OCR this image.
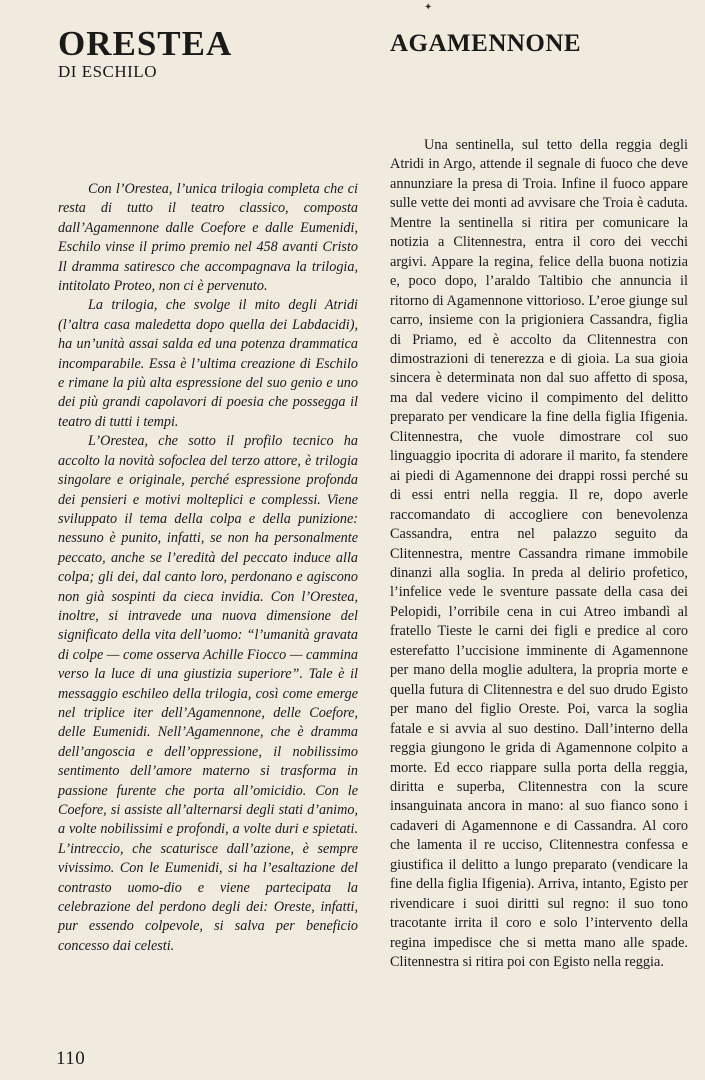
✦
ORESTEA
DI ESCHILO

Con l’Orestea, l’unica trilogia completa che ci resta di tutto il teatro classico, composta dall’Agamennone dalle Coefore e dalle Eumenidi, Eschilo vinse il primo premio nel 458 avanti Cristo Il dramma satiresco che accompagnava la trilogia, intitolato Proteo, non ci è pervenuto.

La trilogia, che svolge il mito degli Atridi (l’altra casa maledetta dopo quella dei Labdacidi), ha un’unità assai salda ed una potenza drammatica incomparabile. Essa è l’ultima creazione di Eschilo e rimane la più alta espressione del suo genio e uno dei più grandi capolavori di poesia che possegga il teatro di tutti i tempi.

L’Orestea, che sotto il profilo tecnico ha accolto la novità sofoclea del terzo attore, è trilogia singolare e originale, perché espressione profonda dei pensieri e motivi molteplici e complessi. Viene sviluppato il tema della colpa e della punizione: nessuno è punito, infatti, se non ha personalmente peccato, anche se l’eredità del peccato induce alla colpa; gli dei, dal canto loro, perdonano e agiscono non già sospinti da cieca invidia. Con l’Orestea, inoltre, si intravede una nuova dimensione del significato della vita dell’uomo: “l’umanità gravata di colpe — come osserva Achille Fiocco — cammina verso la luce di una giustizia superiore”. Tale è il messaggio eschileo della trilogia, così come emerge nel triplice iter dell’Agamennone, delle Coefore, delle Eumenidi. Nell’Agamennone, che è dramma dell’angoscia e dell’oppressione, il nobilissimo sentimento dell’amore materno si trasforma in passione furente che porta all’omicidio. Con le Coefore, si assiste all’alternarsi degli stati d’animo, a volte nobilissimi e profondi, a volte duri e spietati. L’intreccio, che scaturisce dall’azione, è sempre vivissimo. Con le Eumenidi, si ha l’esaltazione del contrasto uomo-dio e viene partecipata la celebrazione del perdono degli dei: Oreste, infatti, pur essendo colpevole, si salva per beneficio concesso dai celesti.

AGAMENNONE

Una sentinella, sul tetto della reggia degli Atridi in Argo, attende il segnale di fuoco che deve annunziare la presa di Troia. Infine il fuoco appare sulle vette dei monti ad avvisare che Troia è caduta. Mentre la sentinella si ritira per comunicare la notizia a Clitennestra, entra il coro dei vecchi argivi. Appare la regina, felice della buona notizia e, poco dopo, l’araldo Taltibio che annuncia il ritorno di Agamennone vittorioso. L’eroe giunge sul carro, insieme con la prigioniera Cassandra, figlia di Priamo, ed è accolto da Clitennestra con dimostrazioni di tenerezza e di gioia. La sua gioia sincera è determinata non dal suo affetto di sposa, ma dal vedere vicino il compimento del delitto preparato per vendicare la fine della figlia Ifigenia. Clitennestra, che vuole dimostrare col suo linguaggio ipocrita di adorare il marito, fa stendere ai piedi di Agamennone dei drappi rossi perché su di essi entri nella reggia. Il re, dopo averle raccomandato di accogliere con benevolenza Cassandra, entra nel palazzo seguito da Clitennestra, mentre Cassandra rimane immobile dinanzi alla soglia. In preda al delirio profetico, l’infelice vede le sventure passate della casa dei Pelopidi, l’orribile cena in cui Atreo imbandì al fratello Tieste le carni dei figli e predice al coro esterefatto l’uccisione imminente di Agamennone per mano della moglie adultera, la propria morte e quella futura di Clitennestra e del suo drudo Egisto per mano del figlio Oreste. Poi, varca la soglia fatale e si avvia al suo destino. Dall’interno della reggia giungono le grida di Agamennone colpito a morte. Ed ecco riappare sulla porta della reggia, diritta e superba, Clitennestra con la scure insanguinata ancora in mano: al suo fianco sono i cadaveri di Agamennone e di Cassandra. Al coro che lamenta il re ucciso, Clitennestra confessa e giustifica il delitto a lungo preparato (vendicare la fine della figlia Ifigenia). Arriva, intanto, Egisto per rivendicare i suoi diritti sul regno: il suo tono tracotante irrita il coro e solo l’intervento della regina impedisce che si metta mano alle spade. Clitennestra si ritira poi con Egisto nella reggia.

110
